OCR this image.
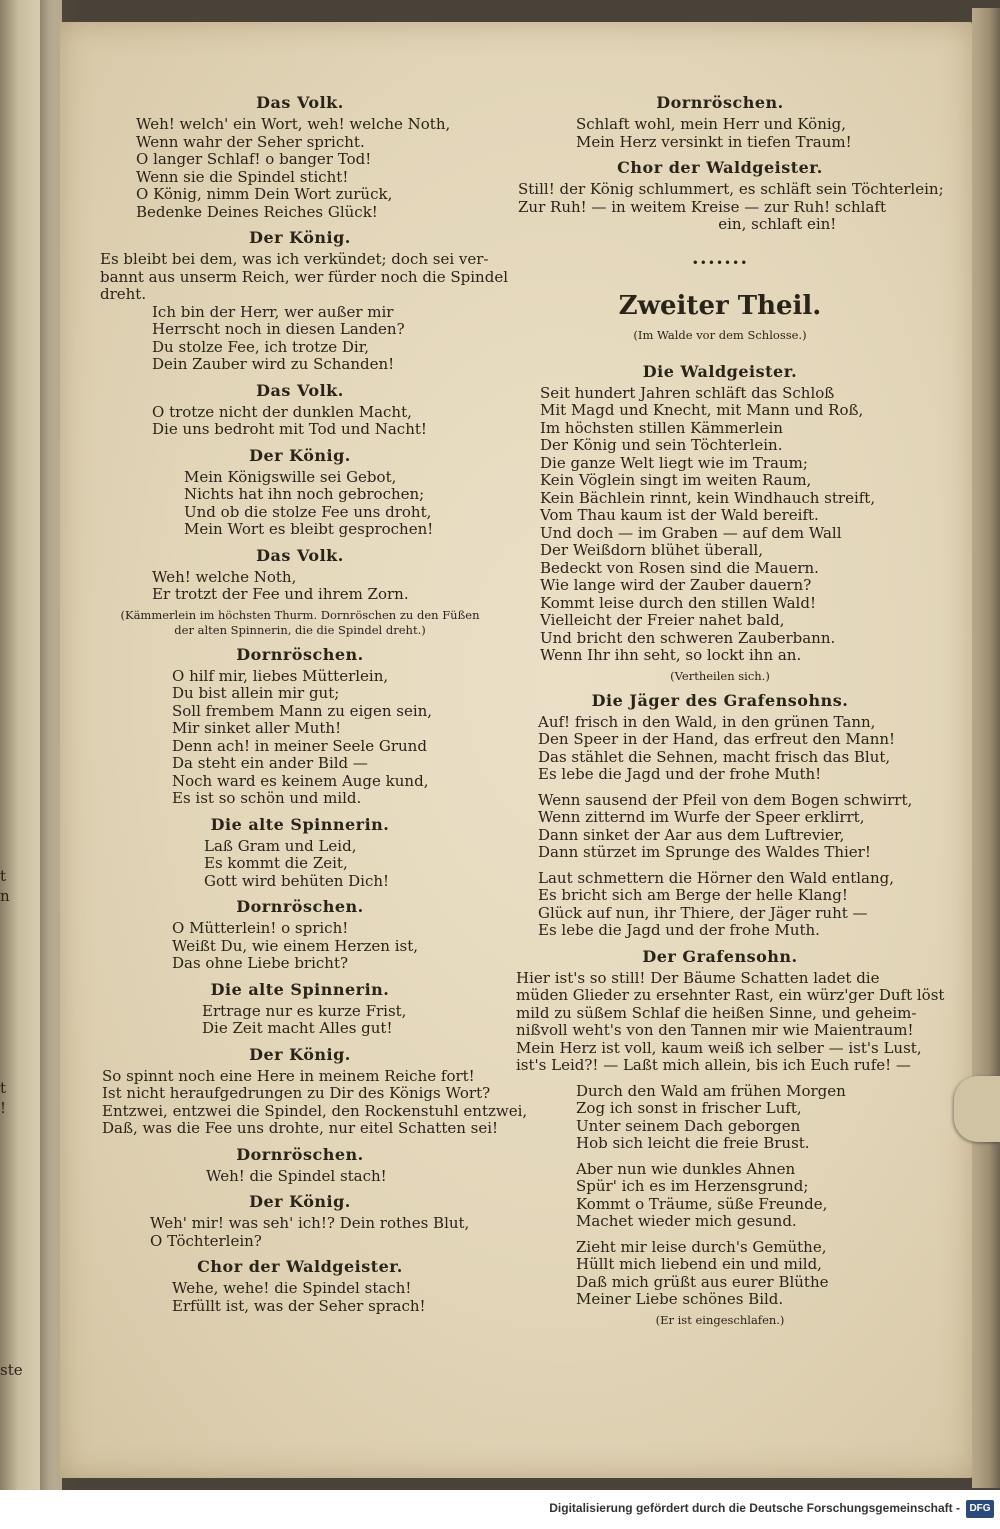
t
n
t
!
ste
Das Volk.
Weh! welch' ein Wort, weh! welche Noth,
Wenn wahr der Seher spricht.
O langer Schlaf! o banger Tod!
Wenn sie die Spindel sticht!
O König, nimm Dein Wort zurück,
Bedenke Deines Reiches Glück!
Der König.
Es bleibt bei dem, was ich verkündet; doch sei ver-
bannt aus unserm Reich, wer fürder noch die Spindel
dreht.
Ich bin der Herr, wer außer mir
Herrscht noch in diesen Landen?
Du stolze Fee, ich trotze Dir,
Dein Zauber wird zu Schanden!
Das Volk.
O trotze nicht der dunklen Macht,
Die uns bedroht mit Tod und Nacht!
Der König.
Mein Königswille sei Gebot,
Nichts hat ihn noch gebrochen;
Und ob die stolze Fee uns droht,
Mein Wort es bleibt gesprochen!
Das Volk.
Weh! welche Noth,
Er trotzt der Fee und ihrem Zorn.
(Kämmerlein im höchsten Thurm. Dornröschen zu den Füßen
der alten Spinnerin, die die Spindel dreht.)
Dornröschen.
O hilf mir, liebes Mütterlein,
Du bist allein mir gut;
Soll frembem Mann zu eigen sein,
Mir sinket aller Muth!
Denn ach! in meiner Seele Grund
Da steht ein ander Bild —
Noch ward es keinem Auge kund,
Es ist so schön und mild.
Die alte Spinnerin.
Laß Gram und Leid,
Es kommt die Zeit,
Gott wird behüten Dich!
Dornröschen.
O Mütterlein! o sprich!
Weißt Du, wie einem Herzen ist,
Das ohne Liebe bricht?
Die alte Spinnerin.
Ertrage nur es kurze Frist,
Die Zeit macht Alles gut!
Der König.
So spinnt noch eine Here in meinem Reiche fort!
Ist nicht heraufgedrungen zu Dir des Königs Wort?
Entzwei, entzwei die Spindel, den Rockenstuhl entzwei,
Daß, was die Fee uns drohte, nur eitel Schatten sei!
Dornröschen.
Weh! die Spindel stach!
Der König.
Weh' mir! was seh' ich!? Dein rothes Blut,
O Töchterlein?
Chor der Waldgeister.
Wehe, wehe! die Spindel stach!
Erfüllt ist, was der Seher sprach!
Dornröschen.
Schlaft wohl, mein Herr und König,
Mein Herz versinkt in tiefen Traum!
Chor der Waldgeister.
Still! der König schlummert, es schläft sein Töchterlein;
Zur Ruh! — in weitem Kreise — zur Ruh! schlaft
ein, schlaft ein!
•••••••
Zweiter Theil.
(Im Walde vor dem Schlosse.)
Die Waldgeister.
Seit hundert Jahren schläft das Schloß
Mit Magd und Knecht, mit Mann und Roß,
Im höchsten stillen Kämmerlein
Der König und sein Töchterlein.
Die ganze Welt liegt wie im Traum;
Kein Vöglein singt im weiten Raum,
Kein Bächlein rinnt, kein Windhauch streift,
Vom Thau kaum ist der Wald bereift.
Und doch — im Graben — auf dem Wall
Der Weißdorn blühet überall,
Bedeckt von Rosen sind die Mauern.
Wie lange wird der Zauber dauern?
Kommt leise durch den stillen Wald!
Vielleicht der Freier nahet bald,
Und bricht den schweren Zauberbann.
Wenn Ihr ihn seht, so lockt ihn an.
(Vertheilen sich.)
Die Jäger des Grafensohns.
Auf! frisch in den Wald, in den grünen Tann,
Den Speer in der Hand, das erfreut den Mann!
Das stählet die Sehnen, macht frisch das Blut,
Es lebe die Jagd und der frohe Muth!
Wenn sausend der Pfeil von dem Bogen schwirrt,
Wenn zitternd im Wurfe der Speer erklirrt,
Dann sinket der Aar aus dem Luftrevier,
Dann stürzet im Sprunge des Waldes Thier!
Laut schmettern die Hörner den Wald entlang,
Es bricht sich am Berge der helle Klang!
Glück auf nun, ihr Thiere, der Jäger ruht —
Es lebe die Jagd und der frohe Muth.
Der Grafensohn.
Hier ist's so still! Der Bäume Schatten ladet die
müden Glieder zu ersehnter Rast, ein würz'ger Duft löst
mild zu süßem Schlaf die heißen Sinne, und geheim-
nißvoll weht's von den Tannen mir wie Maientraum!
Mein Herz ist voll, kaum weiß ich selber — ist's Lust,
ist's Leid?! — Laßt mich allein, bis ich Euch rufe! —
Durch den Wald am frühen Morgen
Zog ich sonst in frischer Luft,
Unter seinem Dach geborgen
Hob sich leicht die freie Brust.
Aber nun wie dunkles Ahnen
Spür' ich es im Herzensgrund;
Kommt o Träume, süße Freunde,
Machet wieder mich gesund.
Zieht mir leise durch's Gemüthe,
Hüllt mich liebend ein und mild,
Daß mich grüßt aus eurer Blüthe
Meiner Liebe schönes Bild.
(Er ist eingeschlafen.)
Digitalisierung gefördert durch die Deutsche Forschungsgemeinschaft - DFG
